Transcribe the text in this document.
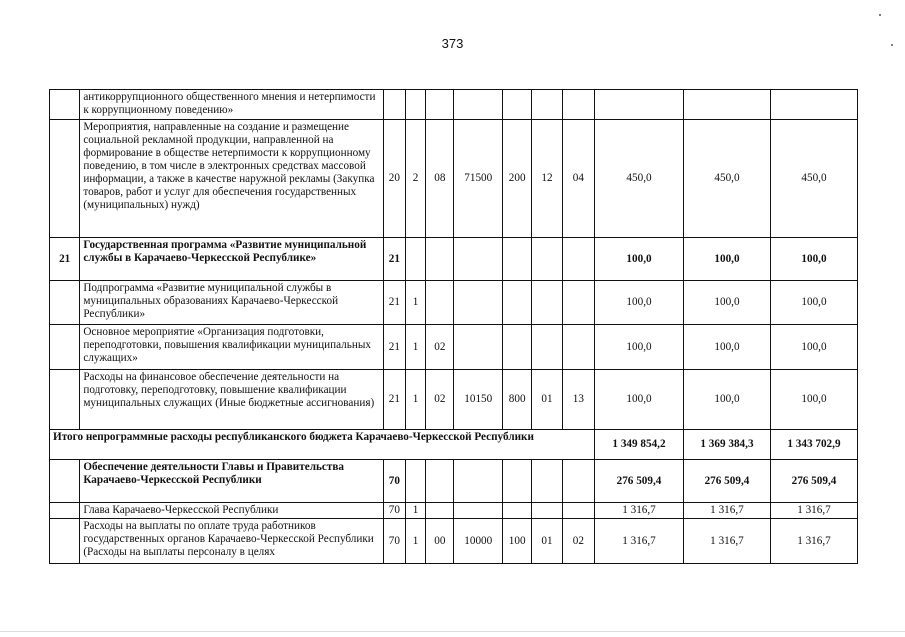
373
	антикоррупционного общественного мнения и нетерпимости к коррупционному поведению»										
	Мероприятия, направленные на создание и размещение социальной рекламной продукции, направленной на формирование в обществе нетерпимости к коррупционному поведению, в том числе в электронных средствах массовой информации, а также в качестве наружной рекламы (Закупка товаров, работ и услуг для обеспечения государственных (муниципальных) нужд)	20	2	08	71500	200	12	04	450,0	450,0	450,0
21	Государственная программа «Развитие муниципальной службы в Карачаево-Черкесской Республике»	21							100,0	100,0	100,0
	Подпрограмма «Развитие муниципальной службы в муниципальных образованиях Карачаево-Черкесской Республики»	21	1						100,0	100,0	100,0
	Основное мероприятие «Организация подготовки, переподготовки, повышения квалификации муниципальных служащих»	21	1	02					100,0	100,0	100,0
	Расходы на финансовое обеспечение деятельности на подготовку, переподготовку, повышение квалификации муниципальных служащих (Иные бюджетные ассигнования)	21	1	02	10150	800	01	13	100,0	100,0	100,0
Итого непрограммные расходы республиканского бюджета Карачаево-Черкесской Республики									1 349 854,2	1 369 384,3	1 343 702,9
	Обеспечение деятельности Главы и Правительства Карачаево-Черкесской Республики	70							276 509,4	276 509,4	276 509,4
	Глава Карачаево-Черкесской Республики	70	1						1 316,7	1 316,7	1 316,7
	Расходы на выплаты по оплате труда работников государственных органов Карачаево-Черкесской Республики (Расходы на выплаты персоналу в целях	70	1	00	10000	100	01	02	1 316,7	1 316,7	1 316,7
